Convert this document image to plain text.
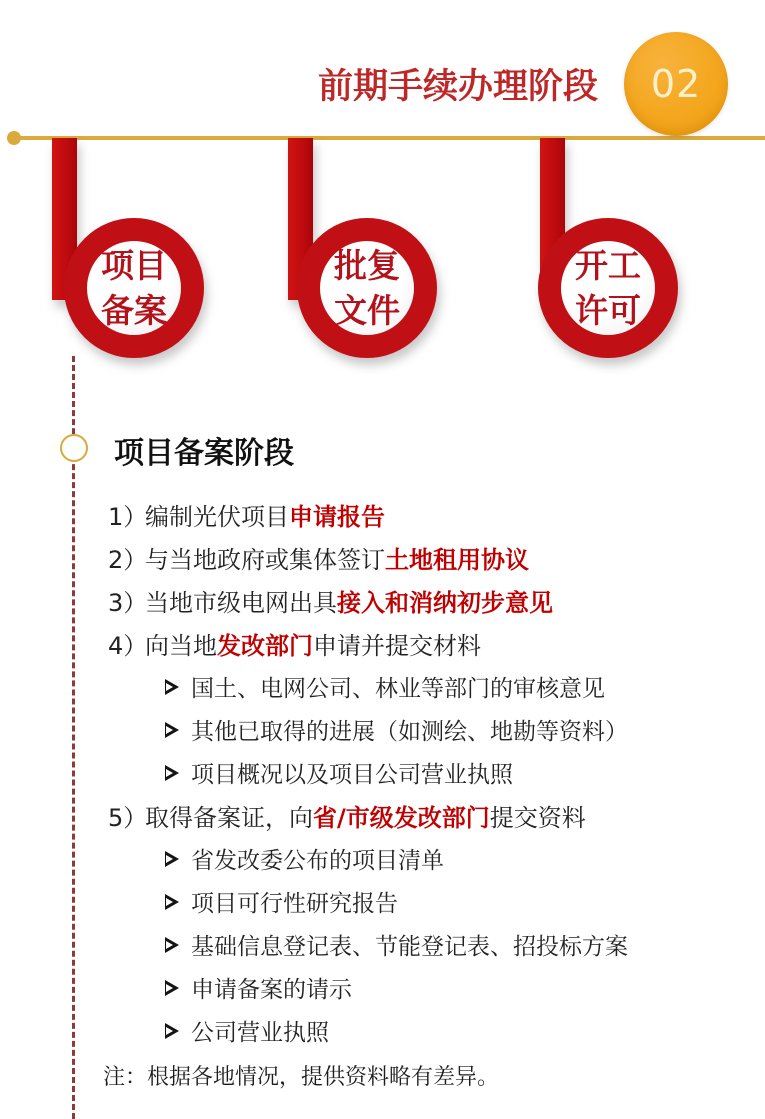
前期手续办理阶段 02
项目
备案
批复
文件
开工
许可
项目备案阶段
1）
编制光伏项目申请报告
2）
与当地政府或集体签订土地租用协议
3）
当地市级电网出具接入和消纳初步意见
4）
向当地发改部门申请并提交材料
国土、电网公司、林业等部门的审核意见
其他已取得的进展（如测绘、地勘等资料）
项目概况以及项目公司营业执照
5）
取得备案证，向省/市级发改部门提交资料
省发改委公布的项目清单
项目可行性研究报告
基础信息登记表、节能登记表、招投标方案
申请备案的请示
公司营业执照
注：根据各地情况，提供资料略有差异。
